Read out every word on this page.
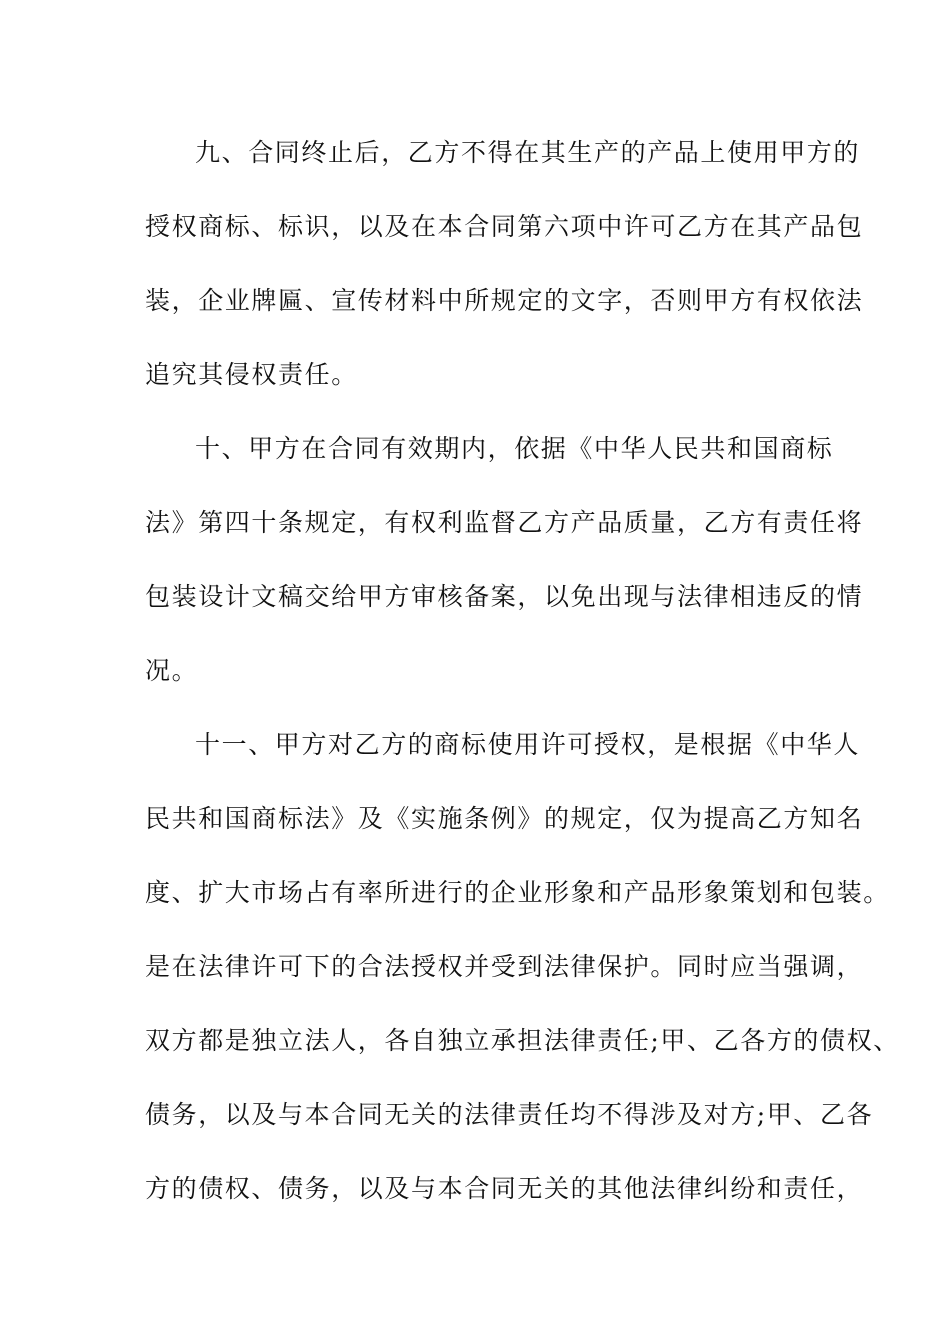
九、合同终止后，乙方不得在其生产的产品上使用甲方的
授权商标、标识，以及在本合同第六项中许可乙方在其产品包
装，企业牌匾、宣传材料中所规定的文字，否则甲方有权依法
追究其侵权责任。
十、甲方在合同有效期内，依据《中华人民共和国商标
法》第四十条规定，有权利监督乙方产品质量，乙方有责任将
包装设计文稿交给甲方审核备案，以免出现与法律相违反的情
况。
十一、甲方对乙方的商标使用许可授权，是根据《中华人
民共和国商标法》及《实施条例》的规定，仅为提高乙方知名
度、扩大市场占有率所进行的企业形象和产品形象策划和包装。
是在法律许可下的合法授权并受到法律保护。同时应当强调，
双方都是独立法人，各自独立承担法律责任;甲、乙各方的债权、
债务，以及与本合同无关的法律责任均不得涉及对方;甲、乙各
方的债权、债务，以及与本合同无关的其他法律纠纷和责任，
